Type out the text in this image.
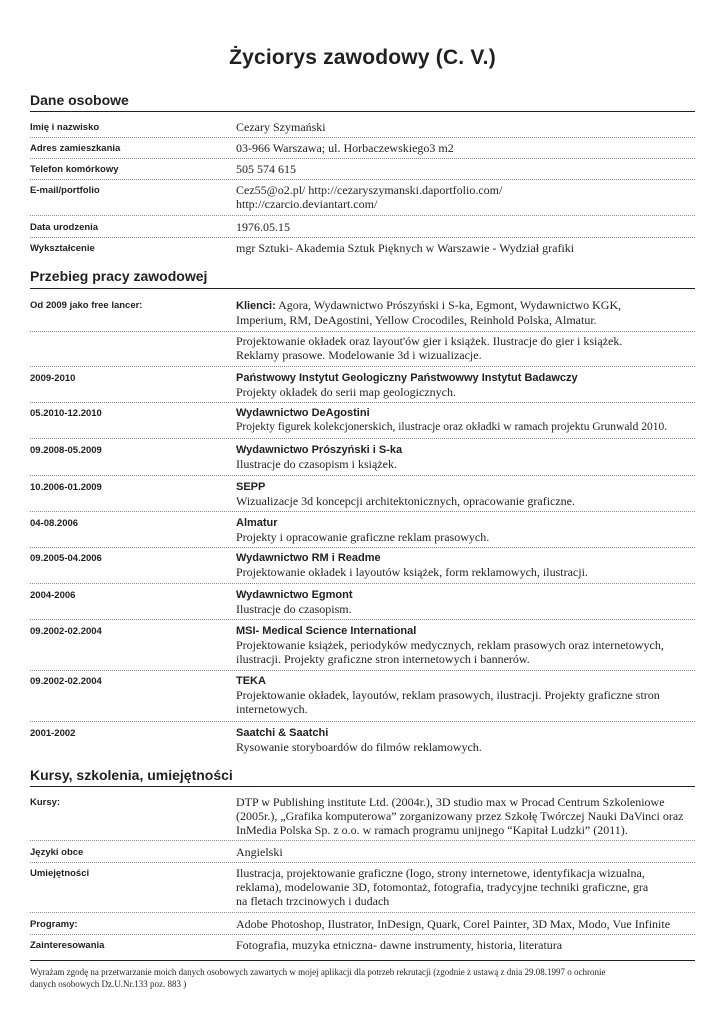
Życiorys zawodowy (C. V.)
Dane osobowe
Imię i nazwisko	Cezary Szymański
Adres zamieszkania	03-966 Warszawa; ul. Horbaczewskiego3 m2
Telefon komórkowy	505 574 615
E-mail/portfolio	Cez55@o2.pl/ http://cezaryszymanski.daportfolio.com/
http://czarcio.deviantart.com/
Data urodzenia	1976.05.15
Wykształcenie	mgr Sztuki- Akademia Sztuk Pięknych w Warszawie - Wydział grafiki
Przebieg pracy zawodowej
Od 2009 jako free lancer:	Klienci: Agora, Wydawnictwo Prószyński i S-ka, Egmont, Wydawnictwo KGK,
Imperium, RM, DeAgostini, Yellow Crocodiles, Reinhold Polska, Almatur.
Projektowanie okładek oraz layout'ów gier i książek. Ilustracje do gier i książek.
Reklamy prasowe. Modelowanie 3d i wizualizacje.
2009-2010	Państwowy Instytut Geologiczny Państwowwy Instytut Badawczy
Projekty okładek do serii map geologicznych.
05.2010-12.2010	Wydawnictwo DeAgostini
Projekty figurek kolekcjonerskich, ilustracje oraz okładki w ramach projektu Grunwald 2010.
09.2008-05.2009	Wydawnictwo Prószyński i S-ka
Ilustracje do czasopism i książek.
10.2006-01.2009	SEPP
Wizualizacje 3d koncepcji architektonicznych, opracowanie graficzne.
04-08.2006	Almatur
Projekty i opracowanie graficzne reklam prasowych.
09.2005-04.2006	Wydawnictwo RM i Readme
Projektowanie okładek i layoutów książek, form reklamowych, ilustracji.
2004-2006	Wydawnictwo Egmont
Ilustracje do czasopism.
09.2002-02.2004	MSI- Medical Science International
Projektowanie książek, periodyków medycznych, reklam prasowych oraz internetowych,
ilustracji. Projekty graficzne stron internetowych i bannerów.
09.2002-02.2004	TEKA
Projektowanie okładek, layoutów, reklam prasowych, ilustracji. Projekty graficzne stron
internetowych.
2001-2002	Saatchi & Saatchi
Rysowanie storyboardów do filmów reklamowych.
Kursy, szkolenia, umiejętności
Kursy:	DTP w Publishing institute Ltd. (2004r.), 3D studio max w Procad Centrum Szkoleniowe
(2005r.), „Grafika komputerowa” zorganizowany przez Szkołę Twórczej Nauki DaVinci oraz
InMedia Polska Sp. z o.o. w ramach programu unijnego “Kapitał Ludzki” (2011).
Języki obce	Angielski
Umiejętności	Ilustracja, projektowanie graficzne (logo, strony internetowe, identyfikacja wizualna,
reklama), modelowanie 3D, fotomontaż, fotografia, tradycyjne techniki graficzne, gra
na fletach trzcinowych i dudach
Programy:	Adobe Photoshop, Ilustrator, InDesign, Quark, Corel Painter, 3D Max, Modo, Vue Infinite
Zainteresowania	Fotografia, muzyka etniczna- dawne instrumenty, historia, literatura
Wyrażam zgodę na przetwarzanie moich danych osobowych zawartych w mojej aplikacji dla potrzeb rekrutacji (zgodnie z ustawą z dnia 29.08.1997 o ochronie
danych osobowych Dz.U.Nr.133 poz. 883 )
